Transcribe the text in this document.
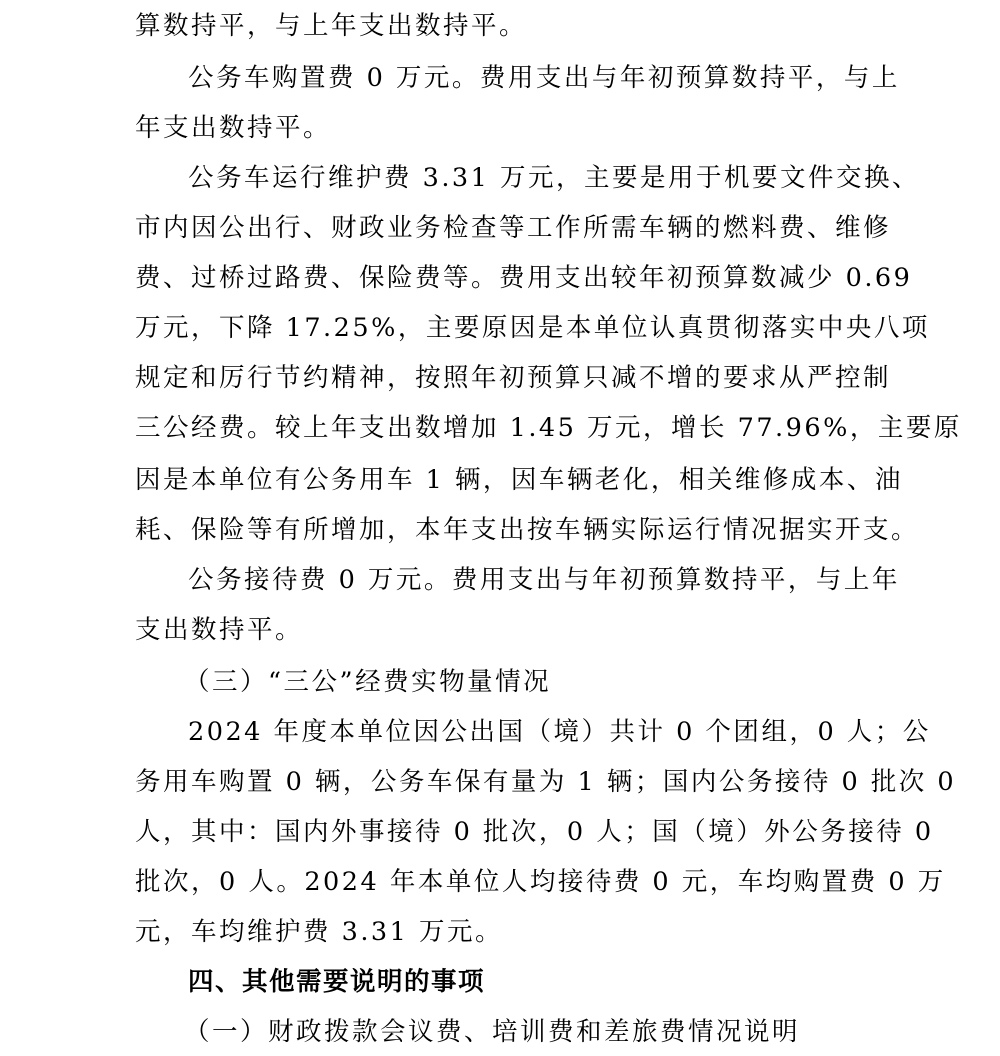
算数持平，与上年支出数持平。
公务车购置费 0 万元。费用支出与年初预算数持平，与上
年支出数持平。
公务车运行维护费 3.31 万元，主要是用于机要文件交换、
市内因公出行、财政业务检查等工作所需车辆的燃料费、维修
费、过桥过路费、保险费等。费用支出较年初预算数减少 0.69
万元，下降 17.25%，主要原因是本单位认真贯彻落实中央八项
规定和厉行节约精神，按照年初预算只减不增的要求从严控制
三公经费。较上年支出数增加 1.45 万元，增长 77.96%，主要原
因是本单位有公务用车 1 辆，因车辆老化，相关维修成本、油
耗、保险等有所增加，本年支出按车辆实际运行情况据实开支。
公务接待费 0 万元。费用支出与年初预算数持平，与上年
支出数持平。
（三）“三公”经费实物量情况
2024 年度本单位因公出国（境）共计 0 个团组，0 人；公
务用车购置 0 辆，公务车保有量为 1 辆；国内公务接待 0 批次 0
人，其中：国内外事接待 0 批次，0 人；国（境）外公务接待 0
批次，0 人。2024 年本单位人均接待费 0 元，车均购置费 0 万
元，车均维护费 3.31 万元。
四、其他需要说明的事项
（一）财政拨款会议费、培训费和差旅费情况说明
